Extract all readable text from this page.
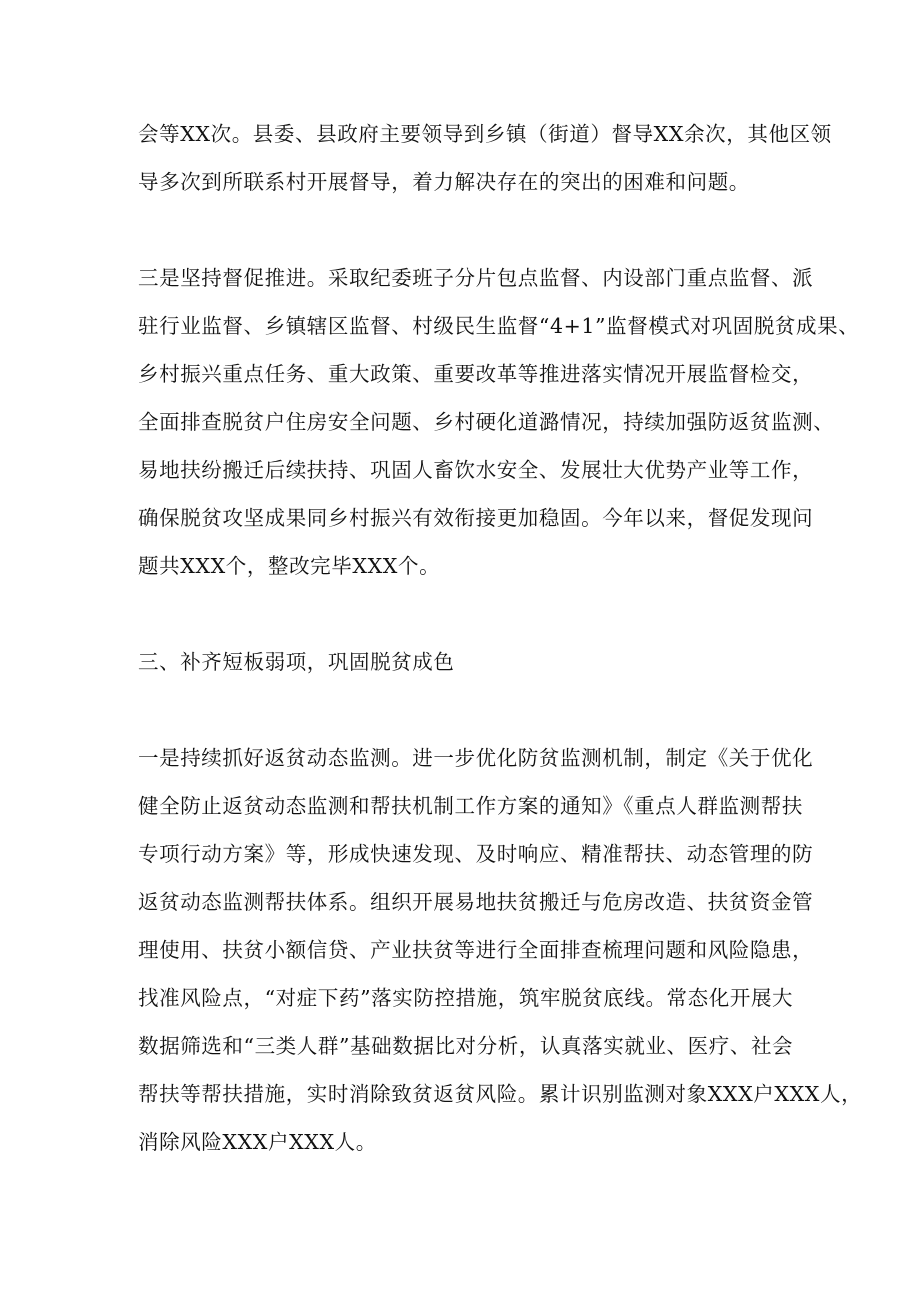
会等XX次。县委、县政府主要领导到乡镇（街道）督导XX余次，其他区领
导多次到所联系村开展督导，着力解决存在的突出的困难和问题。
三是坚持督促推进。采取纪委班子分片包点监督、内设部门重点监督、派
驻行业监督、乡镇辖区监督、村级民生监督“4+1”监督模式对巩固脱贫成果、
乡村振兴重点任务、重大政策、重要改革等推进落实情况开展监督检交，
全面排查脱贫户住房安全问题、乡村硬化道潞情况，持续加强防返贫监测、
易地扶纷搬迁后续扶持、巩固人畜饮水安全、发展壮大优势产业等工作，
确保脱贫攻坚成果同乡村振兴有效衔接更加稳固。今年以来，督促发现问
题共XXX个，整改完毕XXX个。
三、补齐短板弱项，巩固脱贫成色
一是持续抓好返贫动态监测。进一步优化防贫监测机制，制定《关于优化
健全防止返贫动态监测和帮扶机制工作方案的通知》《重点人群监测帮扶
专项行动方案》等，形成快速发现、及时响应、精准帮扶、动态管理的防
返贫动态监测帮扶体系。组织开展易地扶贫搬迁与危房改造、扶贫资金管
理使用、扶贫小额信贷、产业扶贫等进行全面排查梳理问题和风险隐患，
找准风险点，“对症下药”落实防控措施，筑牢脱贫底线。常态化开展大
数据筛选和“三类人群”基础数据比对分析，认真落实就业、医疗、社会
帮扶等帮扶措施，实时消除致贫返贫风险。累计识别监测对象XXX户XXX人，
消除风险XXX户XXX人。
